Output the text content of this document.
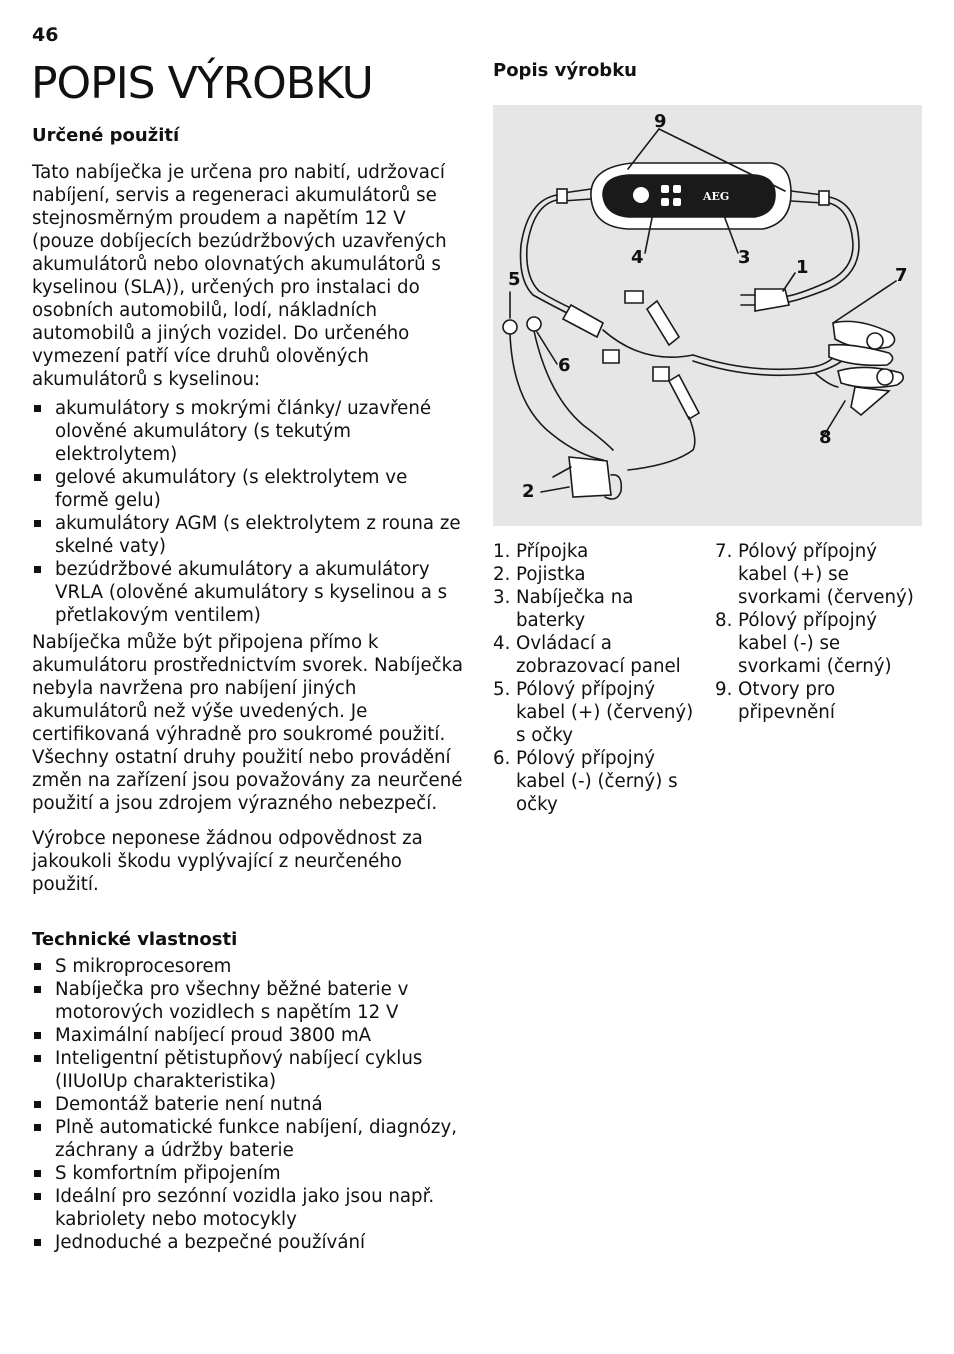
46
POPIS VÝROBKU
Určené použití

Tato nabíječka je určena pro nabití, udržovací nabíjení, servis a regeneraci akumulátorů se stejnosměrným proudem a napětím 12 V (pouze dobíjecích bezúdržbových uzavřených akumulátorů nebo olovnatých akumulátorů s kyselinou (SLA)), určených pro instalaci do osobních automobilů, lodí, nákladních automobilů a jiných vozidel. Do určeného vymezení patří více druhů olověných akumulátorů s kyselinou:

akumulátory s mokrými články/ uzavřené olověné akumulátory (s tekutým elektrolytem)
gelové akumulátory (s elektrolytem ve formě gelu)
akumulátory AGM (s elektrolytem z rouna ze skelné vaty)
bezúdržbové akumulátory a akumulátory VRLA (olověné akumulátory s kyselinou a s přetlakovým ventilem)

Nabíječka může být připojena přímo k akumulátoru prostřednictvím svorek. Nabíječka nebyla navržena pro nabíjení jiných akumulátorů než výše uvedených. Je certifikovaná výhradně pro soukromé použití. Všechny ostatní druhy použití nebo provádění změn na zařízení jsou považovány za neurčené použití a jsou zdrojem výrazného nebezpečí.

Výrobce neponese žádnou odpovědnost za jakoukoli škodu vyplývající z neurčeného použití.

Technické vlastnosti
S mikroprocesorem
Nabíječka pro všechny běžné baterie v motorových vozidlech s napětím 12 V
Maximální nabíjecí proud 3800 mA
Inteligentní pětistupňový nabíjecí cyklus (IIUoIUp charakteristika)
Demontáž baterie není nutná
Plně automatické funkce nabíjení, diagnózy, záchrany a údržby baterie
S komfortním připojením
Ideální pro sezónní vozidla jako jsou např. kabriolety nebo motocykly
Jednoduché a bezpečné používání
Popis výrobku
AEG
9
4	3	1	7
5
6
8
2
1. Přípojka
2. Pojistka
3. Nabíječka na baterky
4. Ovládací a zobrazovací panel
5. Pólový přípojný kabel (+) (červený) s očky
6. Pólový přípojný kabel (-) (černý) s očky
7. Pólový přípojný kabel (+) se svorkami (červený)
8. Pólový přípojný kabel (-) se svorkami (černý)
9. Otvory pro připevnění
